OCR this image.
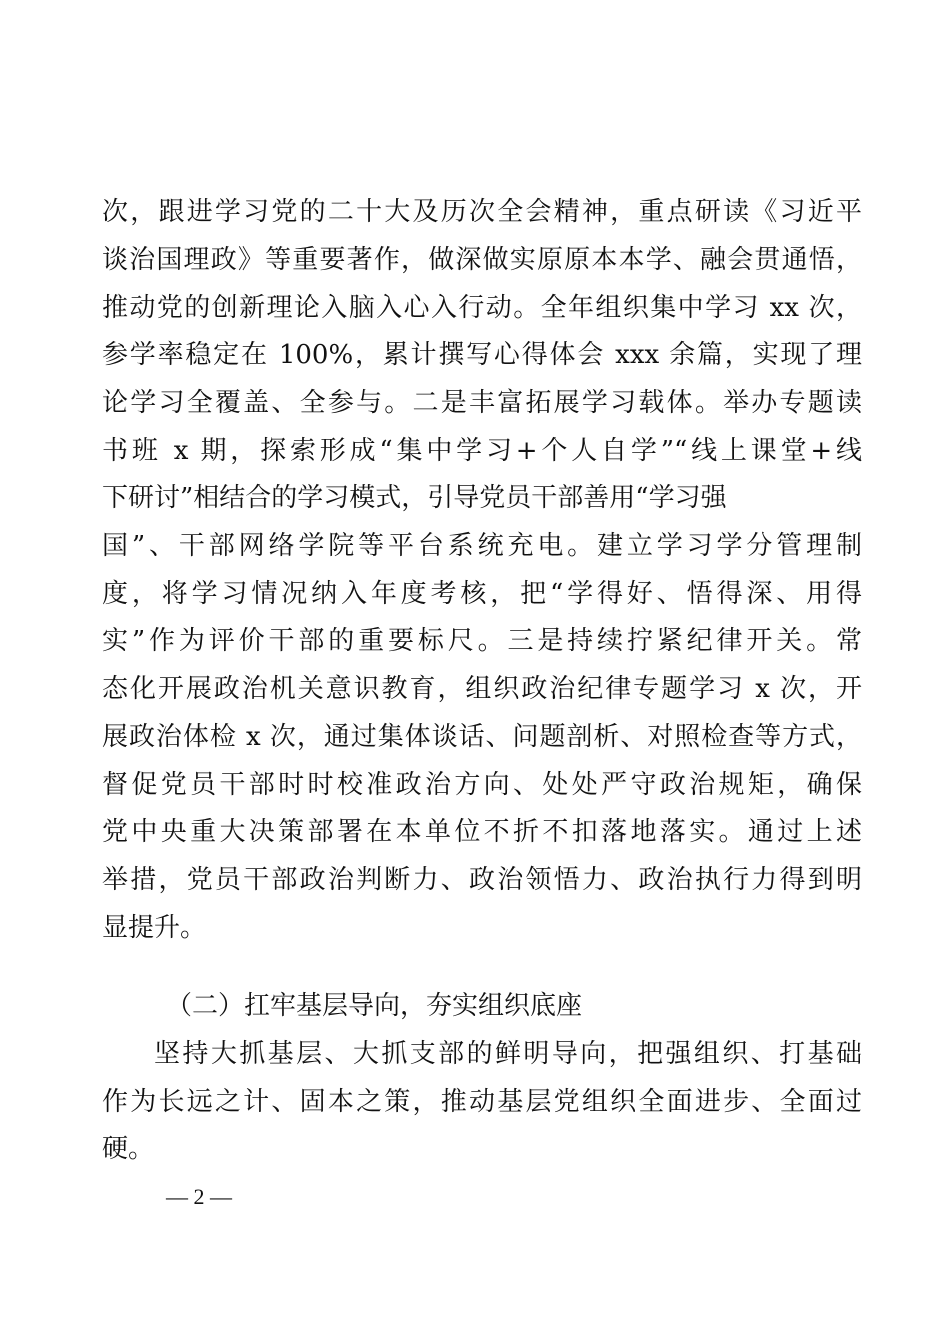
次，跟进学习党的二十大及历次全会精神，重点研读《习近平
谈治国理政》等重要著作，做深做实原原本本学、融会贯通悟，
推动党的创新理论入脑入心入行动。全年组织集中学习 xx 次，
参学率稳定在 100%，累计撰写心得体会 xxx 余篇，实现了理
论学习全覆盖、全参与。二是丰富拓展学习载体。举办专题读
书班 x 期，探索形成“集中学习+个人自学”“线上课堂+线
下研讨”相结合的学习模式，引导党员干部善用“学习强
国”、干部网络学院等平台系统充电。建立学习学分管理制
度，将学习情况纳入年度考核，把“学得好、悟得深、用得
实”作为评价干部的重要标尺。三是持续拧紧纪律开关。常
态化开展政治机关意识教育，组织政治纪律专题学习 x 次，开
展政治体检 x 次，通过集体谈话、问题剖析、对照检查等方式，
督促党员干部时时校准政治方向、处处严守政治规矩，确保
党中央重大决策部署在本单位不折不扣落地落实。通过上述
举措，党员干部政治判断力、政治领悟力、政治执行力得到明
显提升。
（二）扛牢基层导向，夯实组织底座
坚持大抓基层、大抓支部的鲜明导向，把强组织、打基础
作为长远之计、固本之策，推动基层党组织全面进步、全面过
硬。
— 2 —
